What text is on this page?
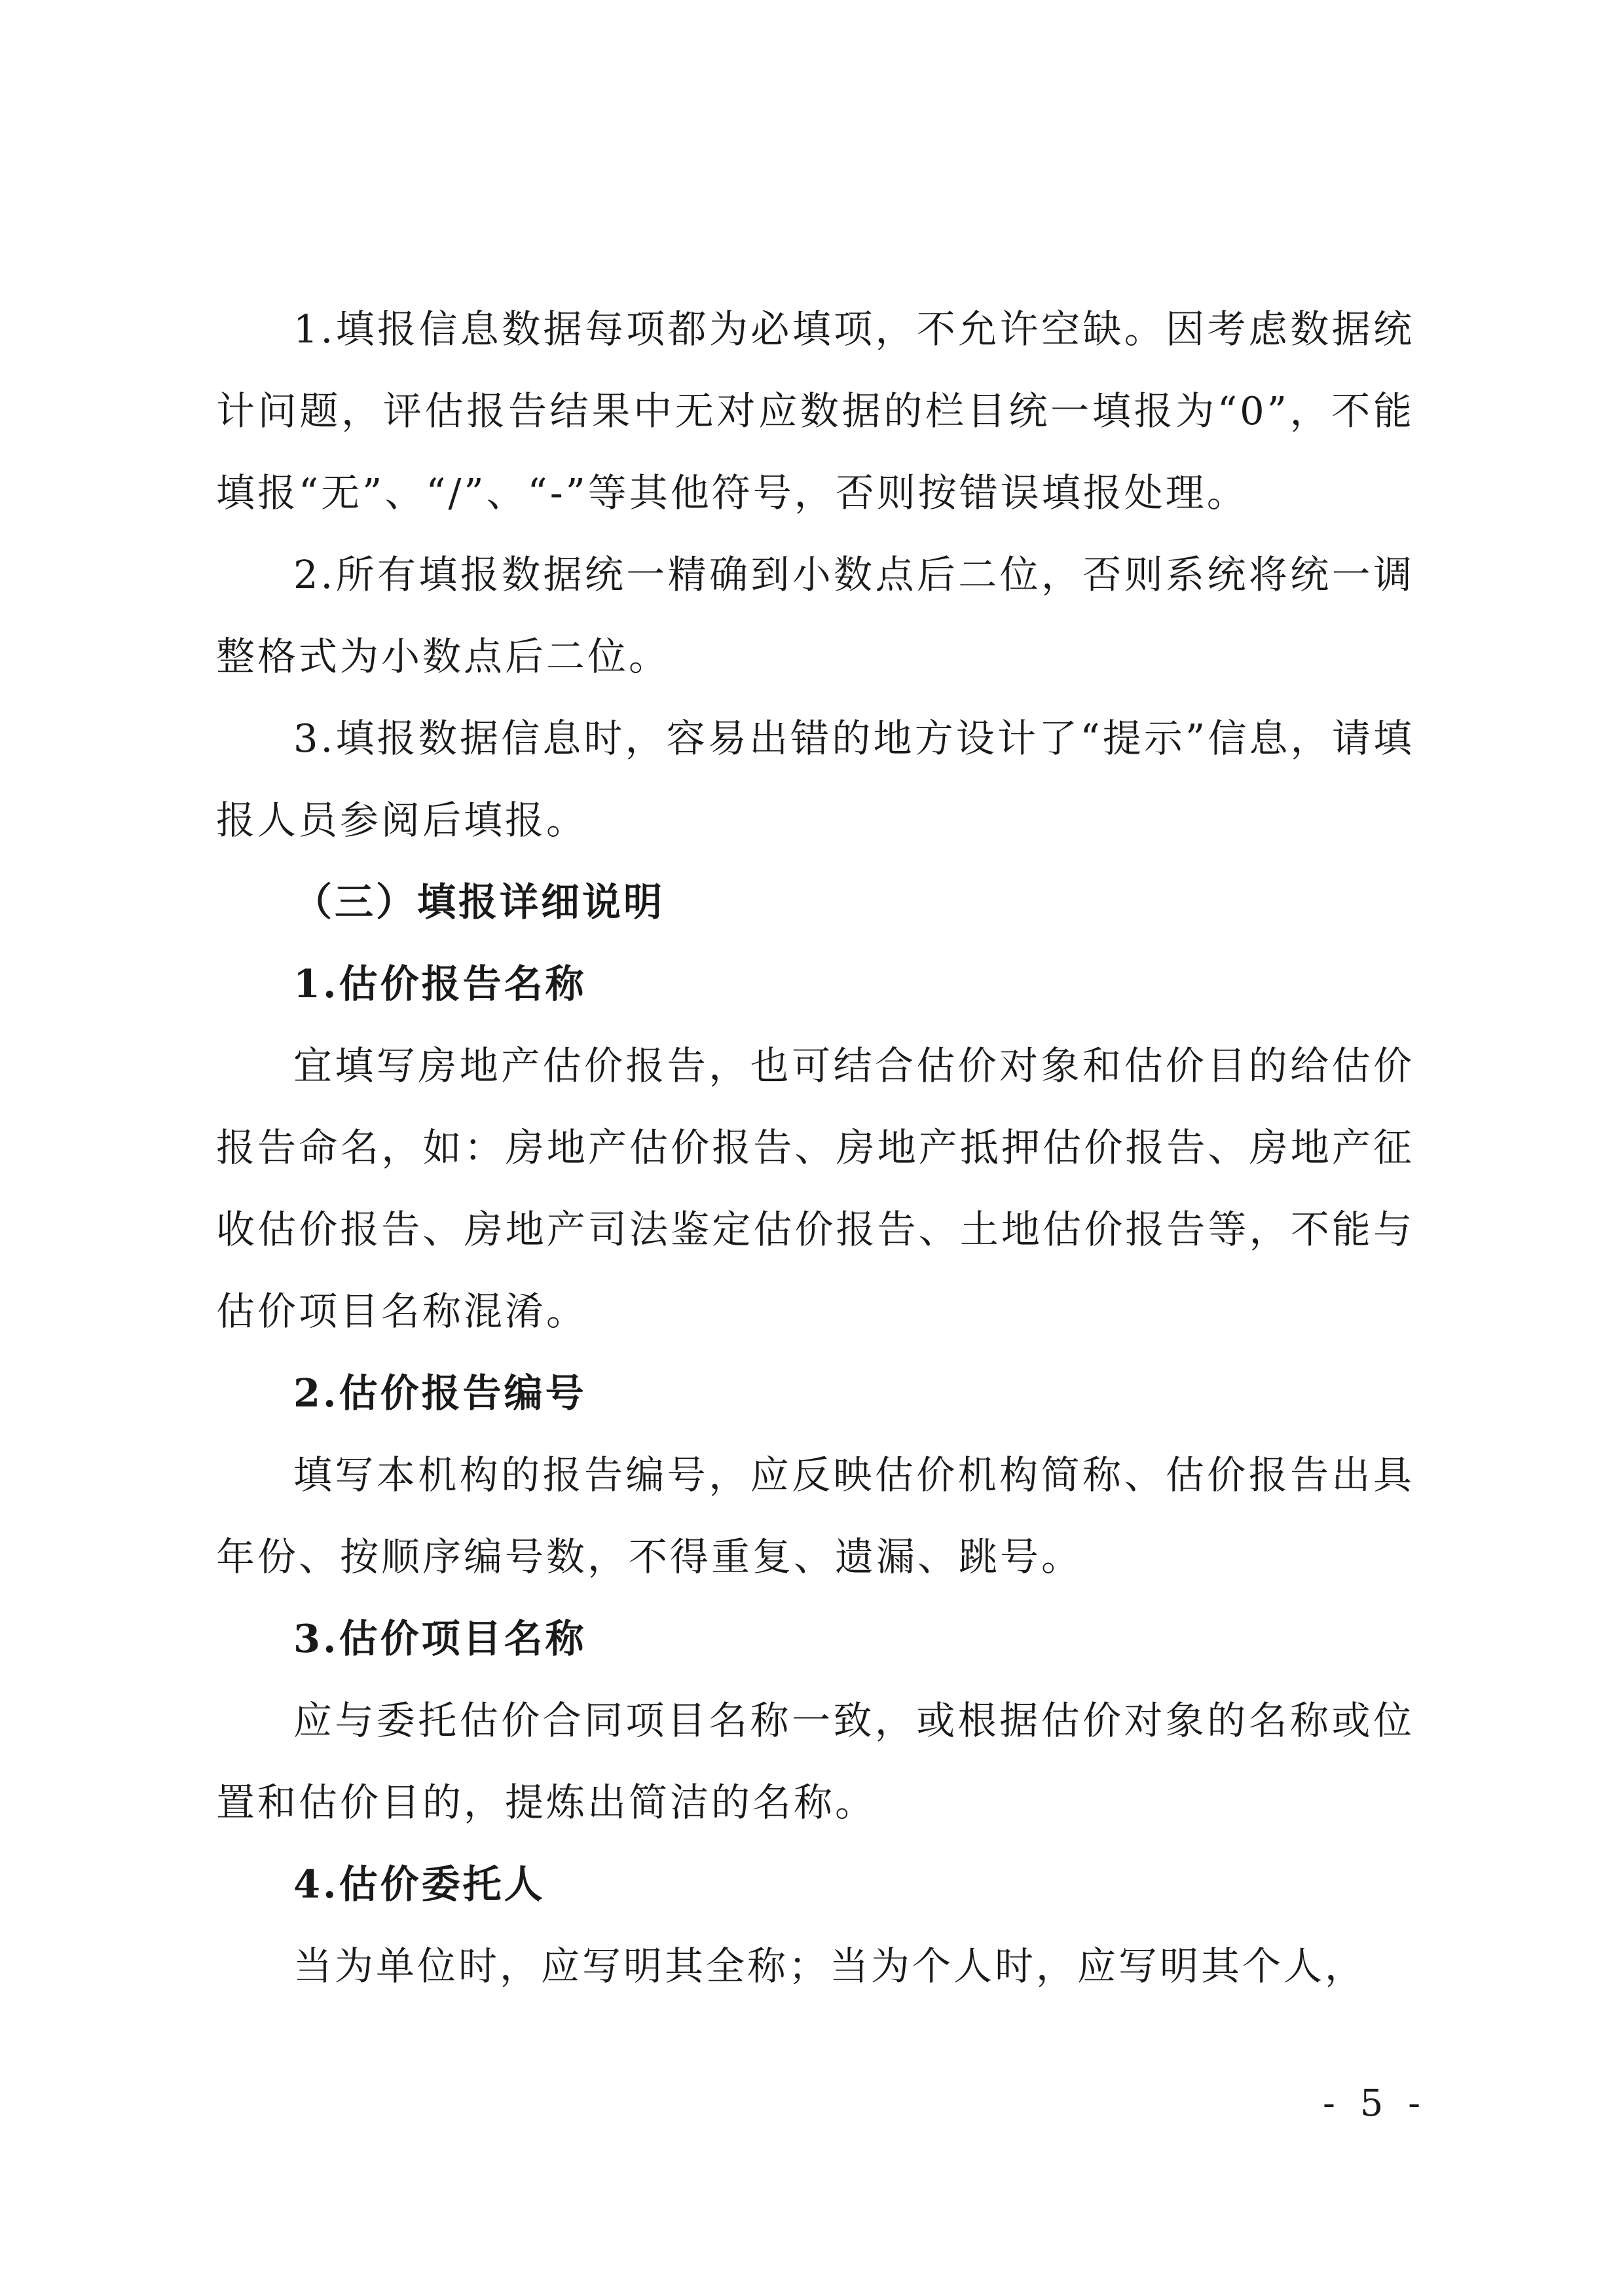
1.填报信息数据每项都为必填项，不允许空缺。因考虑数据统计问题，评估报告结果中无对应数据的栏目统一填报为“0”，不能填报“无”、“/”、“-”等其他符号，否则按错误填报处理。

2.所有填报数据统一精确到小数点后二位，否则系统将统一调整格式为小数点后二位。

3.填报数据信息时，容易出错的地方设计了“提示”信息，请填报人员参阅后填报。

（三）填报详细说明

1.估价报告名称

宜填写房地产估价报告，也可结合估价对象和估价目的给估价报告命名，如：房地产估价报告、房地产抵押估价报告、房地产征收估价报告、房地产司法鉴定估价报告、土地估价报告等，不能与估价项目名称混淆。

2.估价报告编号

填写本机构的报告编号，应反映估价机构简称、估价报告出具年份、按顺序编号数，不得重复、遗漏、跳号。

3.估价项目名称

应与委托估价合同项目名称一致，或根据估价对象的名称或位置和估价目的，提炼出简洁的名称。

4.估价委托人

当为单位时，应写明其全称；当为个人时，应写明其个人，

- 5 -
